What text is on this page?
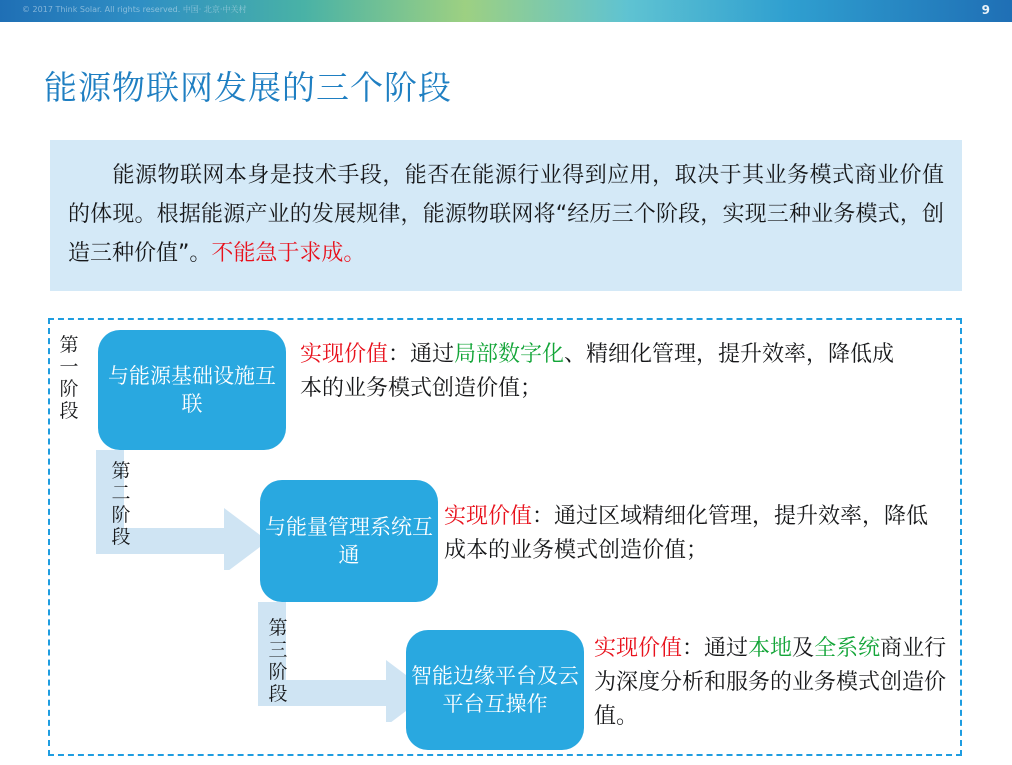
© 2017 Think Solar. All rights reserved. 中国· 北京·中关村	9
能源物联网发展的三个阶段
能源物联网本身是技术手段，能否在能源行业得到应用，取决于其业务模式商业价值的体现。根据能源产业的发展规律，能源物联网将“经历三个阶段，实现三种业务模式，创造三种价值”。不能急于求成。
第一阶段
与能源基础设施互联
实现价值：通过局部数字化、精细化管理，提升效率，降低成本的业务模式创造价值；
第二阶段	与能量管理系统互通
实现价值：通过区域精细化管理，提升效率，降低成本的业务模式创造价值；
第三阶段
智能边缘平台及云平台互操作
实现价值：通过本地及全系统商业行为深度分析和服务的业务模式创造价值。
